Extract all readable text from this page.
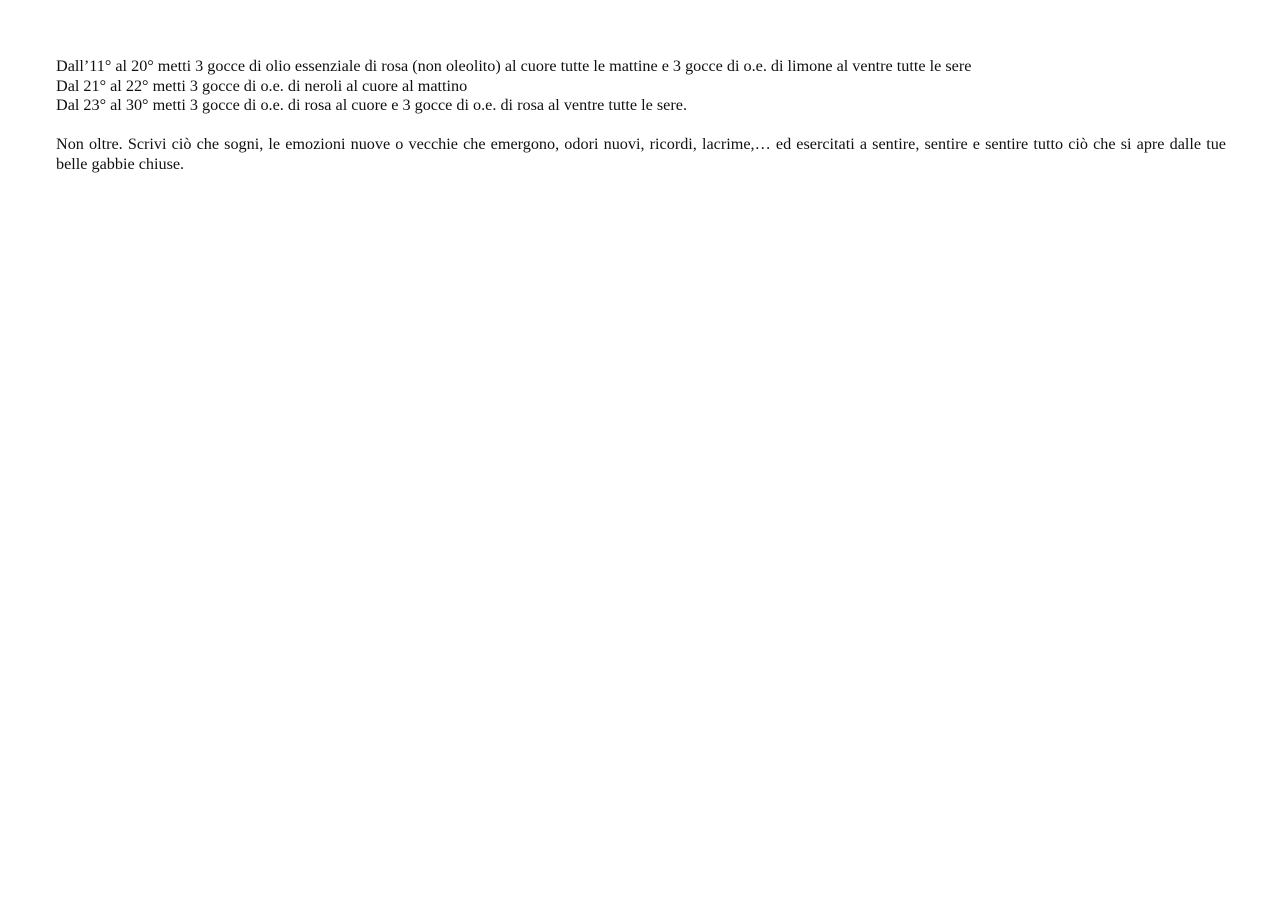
Dall’11° al 20° metti 3 gocce di olio essenziale di rosa (non oleolito) al cuore tutte le mattine e 3 gocce di o.e. di limone al ventre tutte le sere
Dal 21° al 22° metti 3 gocce di o.e. di neroli al cuore al mattino
Dal 23° al 30° metti 3 gocce di o.e. di rosa al cuore e 3 gocce di o.e. di rosa al ventre tutte le sere.
Non oltre. Scrivi ciò che sogni, le emozioni nuove o vecchie che emergono, odori nuovi, ricordi, lacrime,… ed esercitati a sentire, sentire e sentire tutto ciò che si apre dalle tue belle gabbie chiuse.
